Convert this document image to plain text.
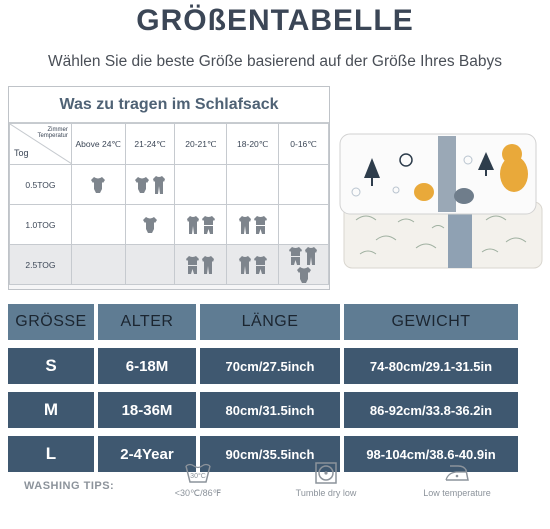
GRÖßENTABELLE
Wählen Sie die beste Größe basierend auf der Größe Ihres Babys
Was zu tragen im Schlafsack
Zimmer Temperatur
Tog	Above 24℃	21-24℃	20-21℃	18-20℃	0-16℃
0.5TOG					
1.0TOG					
2.5TOG					
GRÖSSE	ALTER	LÄNGE	GEWICHT
S	6-18M	70cm/27.5inch	74-80cm/29.1-31.5in
M	18-36M	80cm/31.5inch	86-92cm/33.8-36.2in
L	2-4Year	90cm/35.5inch	98-104cm/38.6-40.9in
WASHING TIPS:
30°C
<30℃/86℉	Tumble dry low	Low temperature
